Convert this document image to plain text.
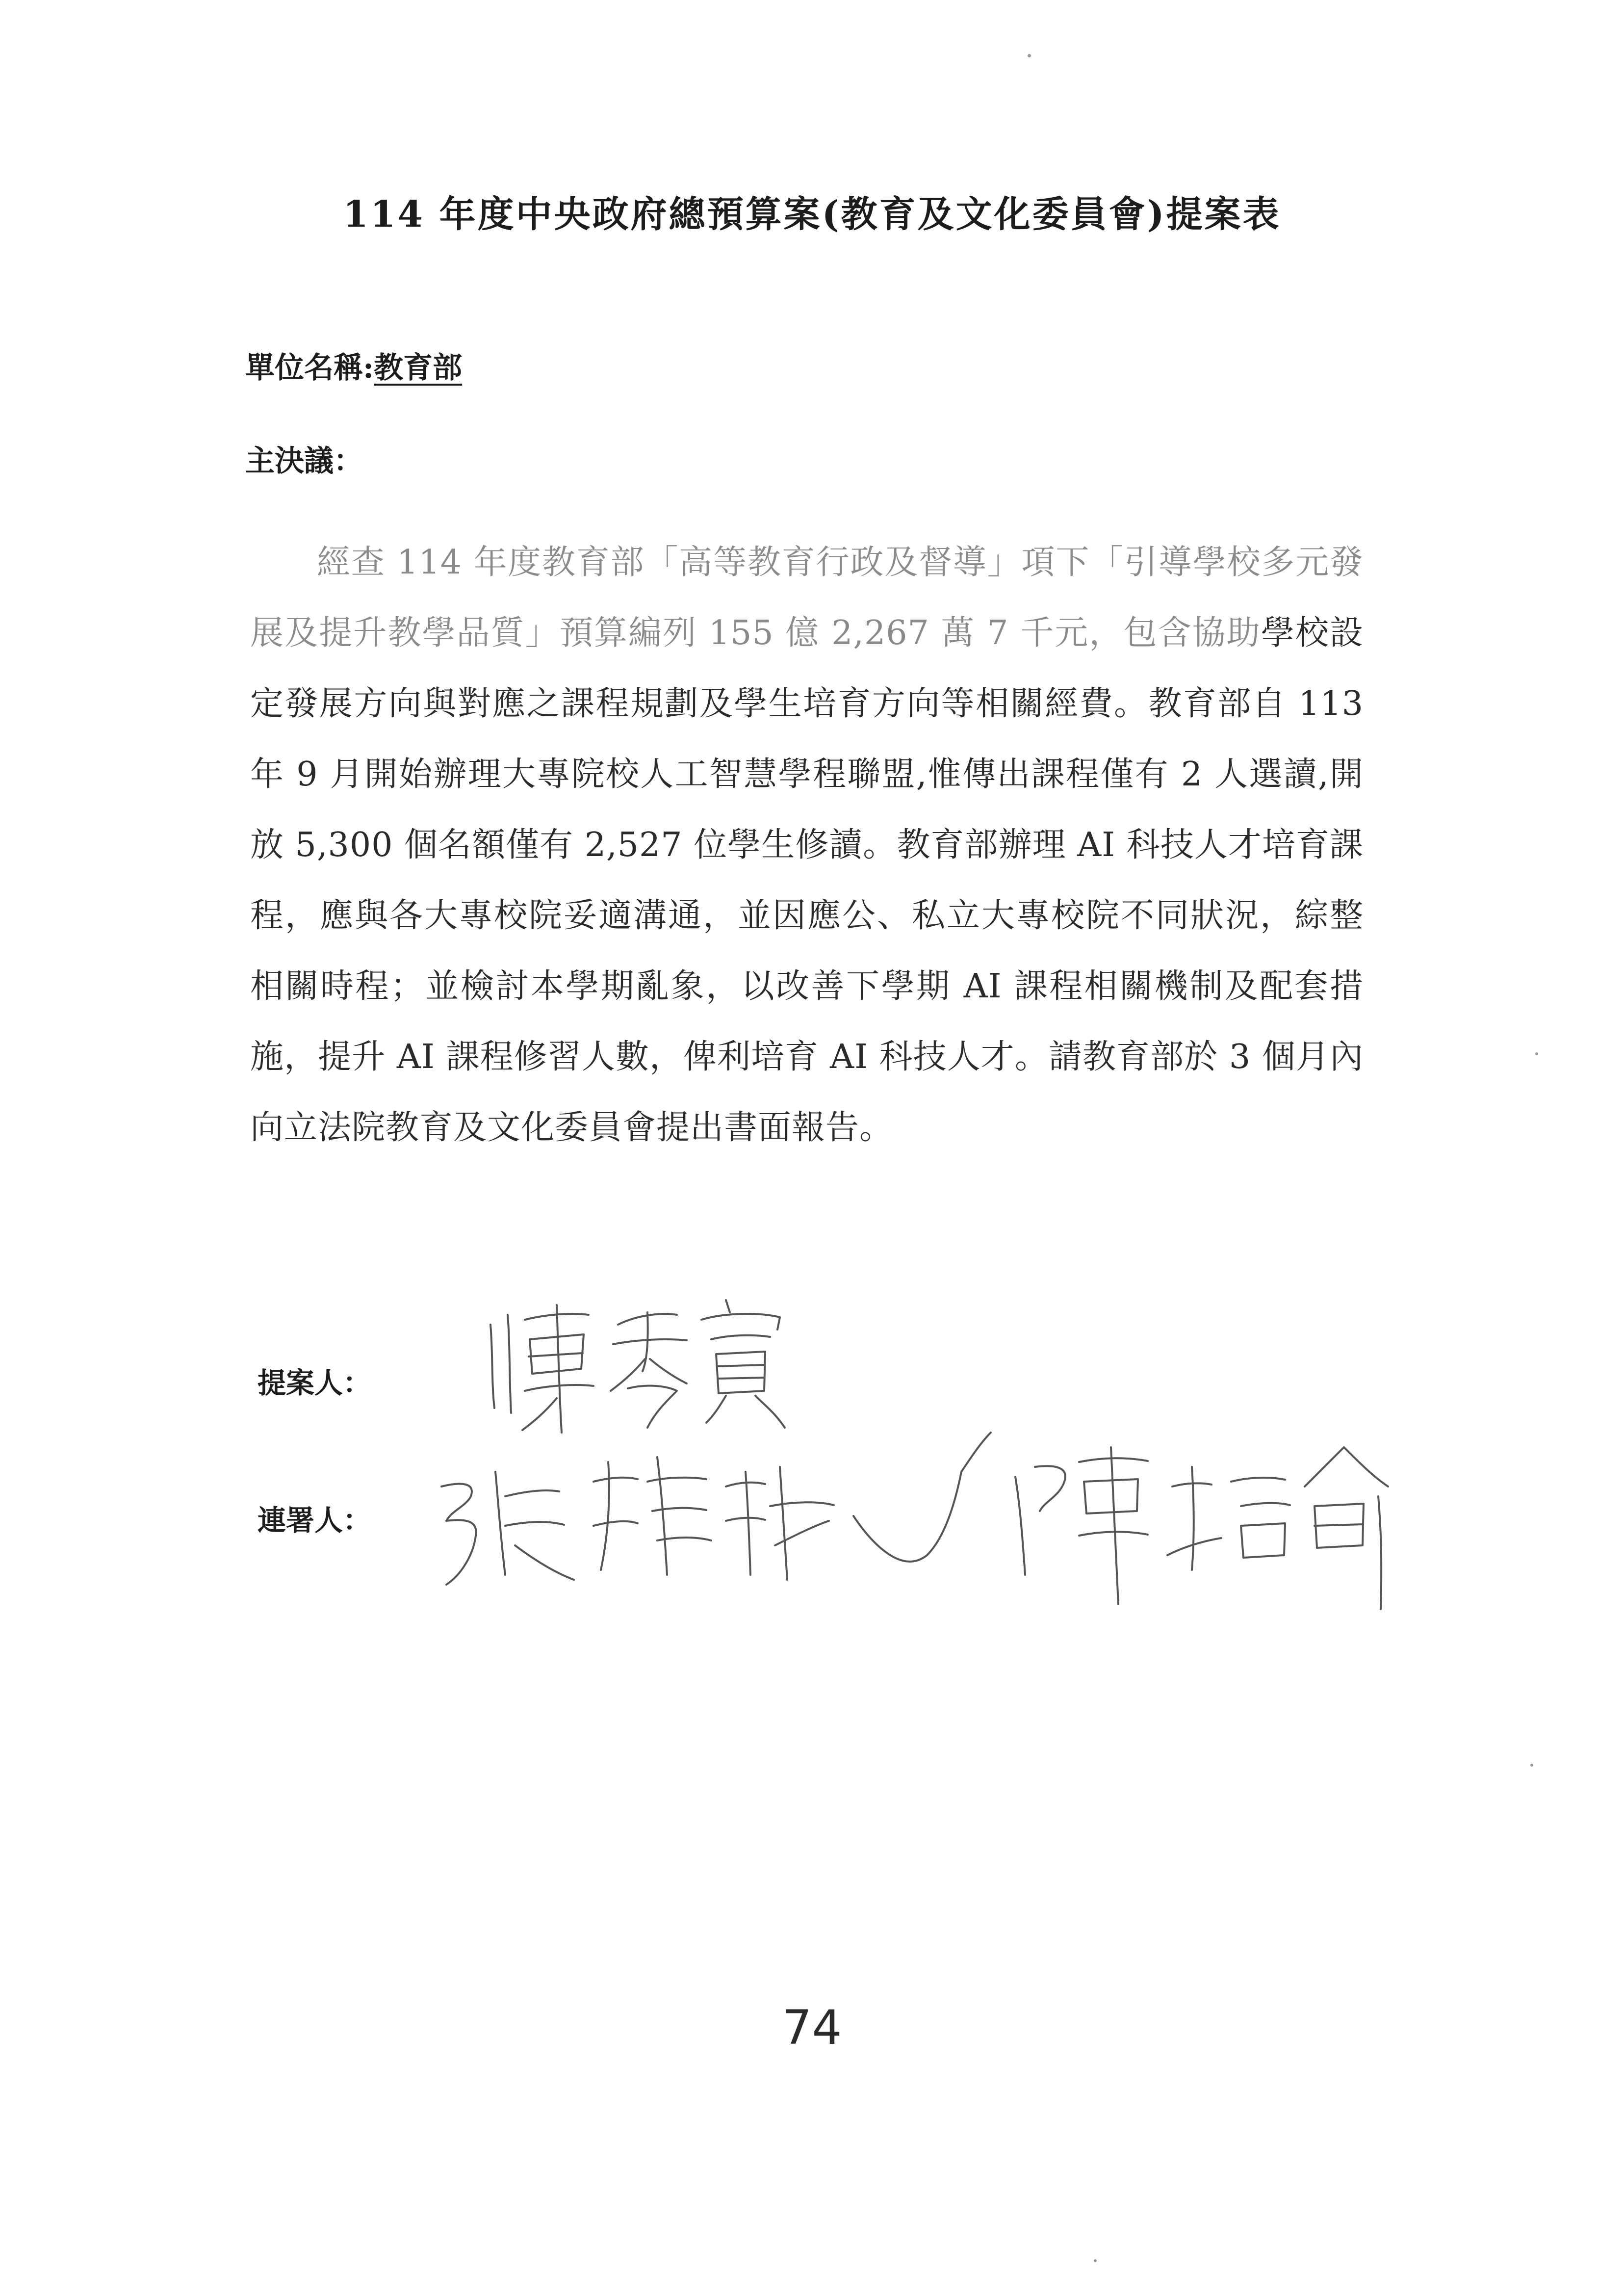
114 年度中央政府總預算案(教育及文化委員會)提案表
單位名稱:教育部
主決議：
經查 114 年度教育部「高等教育行政及督導」項下「引導學校多元發展及提升教學品質」預算編列 155 億 2,267 萬 7 千元，包含協助學校設定發展方向與對應之課程規劃及學生培育方向等相關經費。教育部自 113 年 9 月開始辦理大專院校人工智慧學程聯盟,惟傳出課程僅有 2 人選讀,開放 5,300 個名額僅有 2,527 位學生修讀。教育部辦理 AI 科技人才培育課程，應與各大專校院妥適溝通，並因應公、私立大專校院不同狀況，綜整相關時程；並檢討本學期亂象，以改善下學期 AI 課程相關機制及配套措施，提升 AI 課程修習人數，俾利培育 AI 科技人才。請教育部於 3 個月內向立法院教育及文化委員會提出書面報告。
提案人：
連署人：
74
